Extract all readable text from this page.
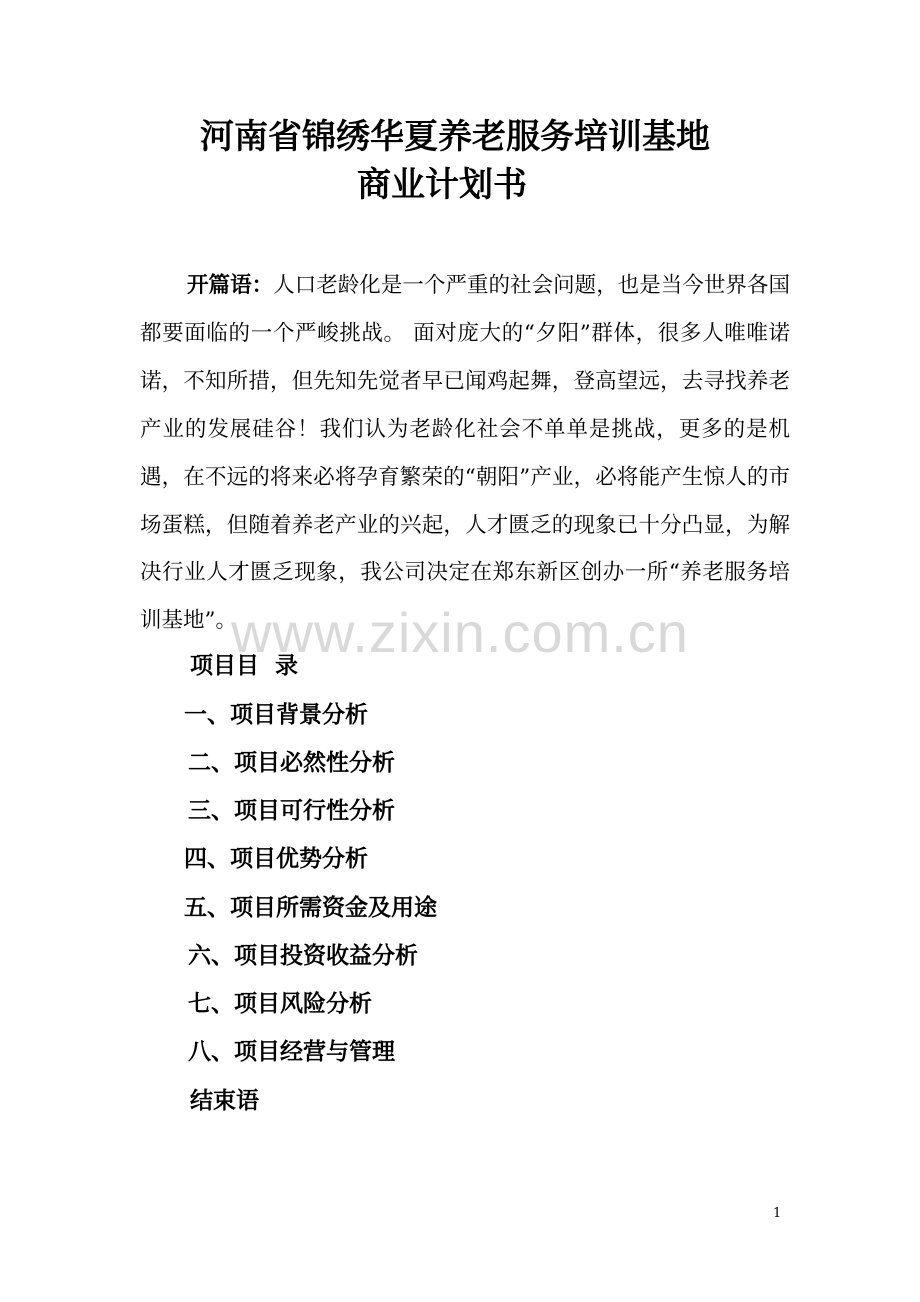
河南省锦绣华夏养老服务培训基地
商业计划书
开篇语：人口老龄化是一个严重的社会问题，也是当今世界各国都要面临的一个严峻挑战。 面对庞大的“夕阳”群体，很多人唯唯诺诺，不知所措，但先知先觉者早已闻鸡起舞，登高望远，去寻找养老产业的发展硅谷！我们认为老龄化社会不单单是挑战，更多的是机遇，在不远的将来必将孕育繁荣的“朝阳”产业，必将能产生惊人的市场蛋糕，但随着养老产业的兴起，人才匮乏的现象已十分凸显，为解决行业人才匮乏现象，我公司决定在郑东新区创办一所“养老服务培训基地”。
www.zixin.com.cn
项目目  录
一、项目背景分析
二、项目必然性分析
三、项目可行性分析
四、项目优势分析
五、项目所需资金及用途
六、项目投资收益分析
七、项目风险分析
八、项目经营与管理
结束语
1
